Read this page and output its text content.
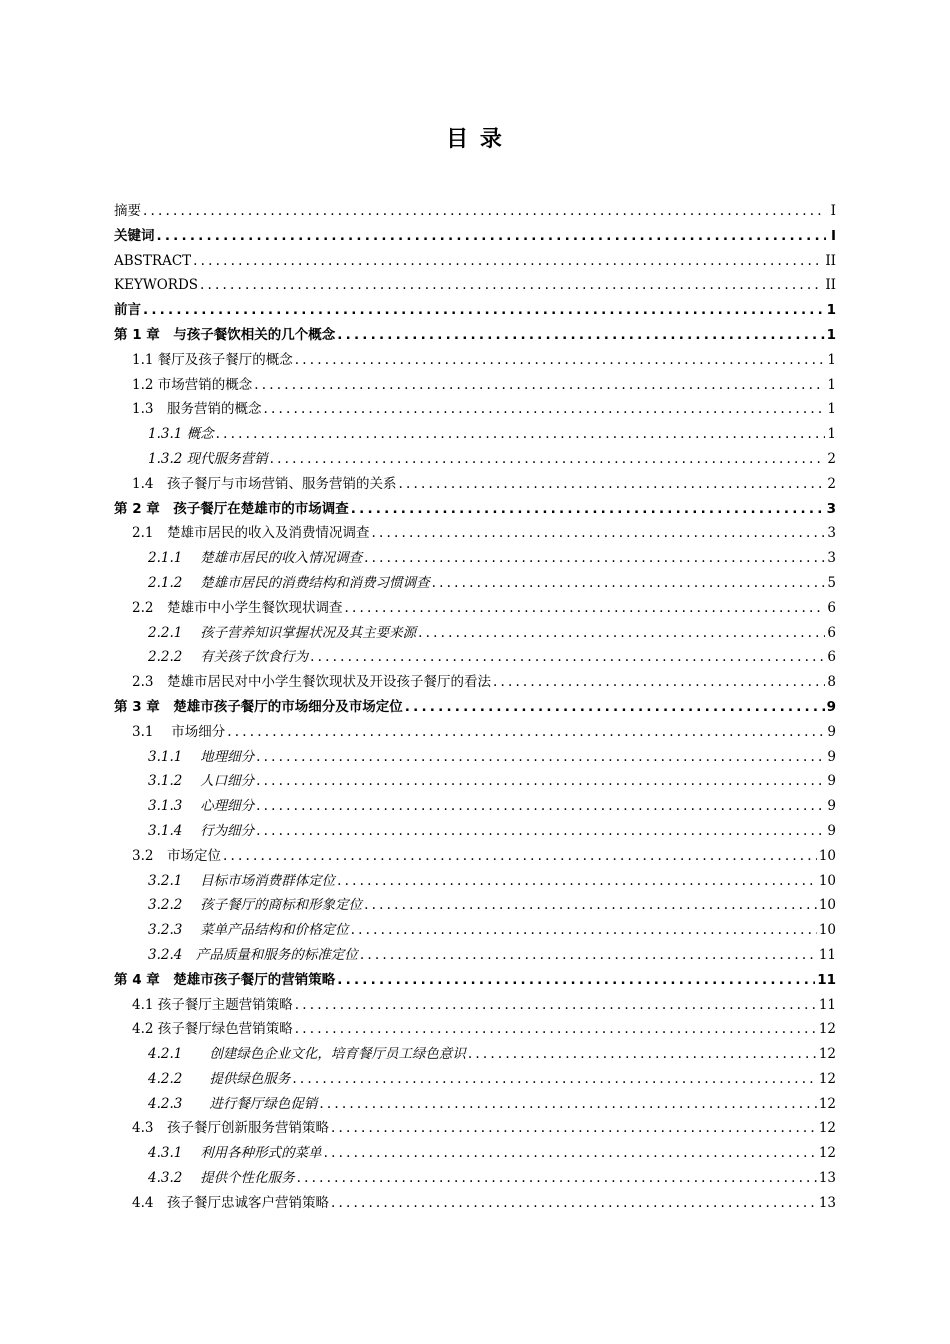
目 录
摘要 .....	I
关键词 .....	I
ABSTRACT .....	II
KEYWORDS .....	II
前言 .....	1
第 1 章　与孩子餐饮相关的几个概念 .....	1
1.1 餐厅及孩子餐厅的概念 .....	1
1.2 市场营销的概念 .....	1
1.3　服务营销的概念 .....	1
1.3.1 概念 .....	1
1.3.2 现代服务营销 .....	2
1.4　孩子餐厅与市场营销、服务营销的关系 .....	2
第 2 章　孩子餐厅在楚雄市的市场调查 .....	3
2.1　楚雄市居民的收入及消费情况调查 .....	3
2.1.1　 楚雄市居民的收入情况调查 .....	3
2.1.2　 楚雄市居民的消费结构和消费习惯调查 .....	5
2.2　楚雄市中小学生餐饮现状调查 .....	6
2.2.1　 孩子营养知识掌握状况及其主要来源 .....	6
2.2.2　 有关孩子饮食行为 .....	6
2.3　楚雄市居民对中小学生餐饮现状及开设孩子餐厅的看法 .....	8
第 3 章　楚雄市孩子餐厅的市场细分及市场定位 .....	9
3.1　 市场细分 .....	9
3.1.1　 地理细分 .....	9
3.1.2　 人口细分 .....	9
3.1.3　 心理细分 .....	9
3.1.4　 行为细分 .....	9
3.2　市场定位 .....	10
3.2.1　 目标市场消费群体定位 .....	10
3.2.2　 孩子餐厅的商标和形象定位 .....	10
3.2.3　 菜单产品结构和价格定位 .....	10
3.2.4　产品质量和服务的标准定位 .....	11
第 4 章　楚雄市孩子餐厅的营销策略 .....	11
4.1 孩子餐厅主题营销策略 .....	11
4.2 孩子餐厅绿色营销策略 .....	12
4.2.1　　创建绿色企业文化，培育餐厅员工绿色意识 .....	12
4.2.2　　提供绿色服务 .....	12
4.2.3　　进行餐厅绿色促销 .....	12
4.3　孩子餐厅创新服务营销策略 .....	12
4.3.1　 利用各种形式的菜单 .....	12
4.3.2　 提供个性化服务 .....	13
4.4　孩子餐厅忠诚客户营销策略 .....	13
